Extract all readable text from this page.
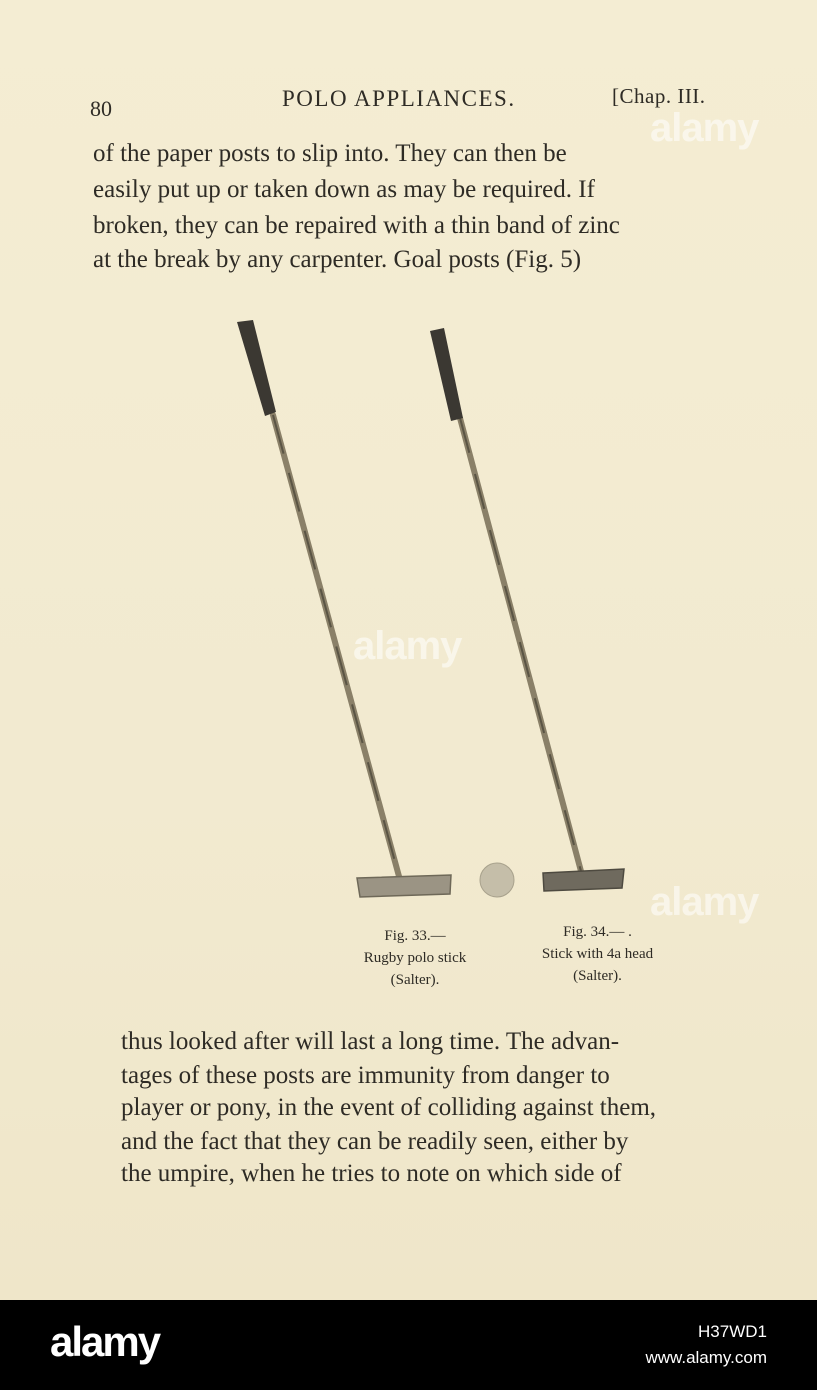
80	POLO APPLIANCES.	[Chap. III.
of the paper posts to slip into. They can then be
easily put up or taken down as may be required. If
broken, they can be repaired with a thin band of zinc
at the break by any carpenter. Goal posts (Fig. 5)
Fig. 33.—
Rugby polo stick
(Salter).
Fig. 34.— .
Stick with 4a head
(Salter).
thus looked after will last a long time. The advan-
tages of these posts are immunity from danger to
player or pony, in the event of colliding against them,
and the fact that they can be readily seen, either by
the umpire, when he tries to note on which side of
alamy
alamy
alamy
alamy	H37WD1
www.alamy.com
